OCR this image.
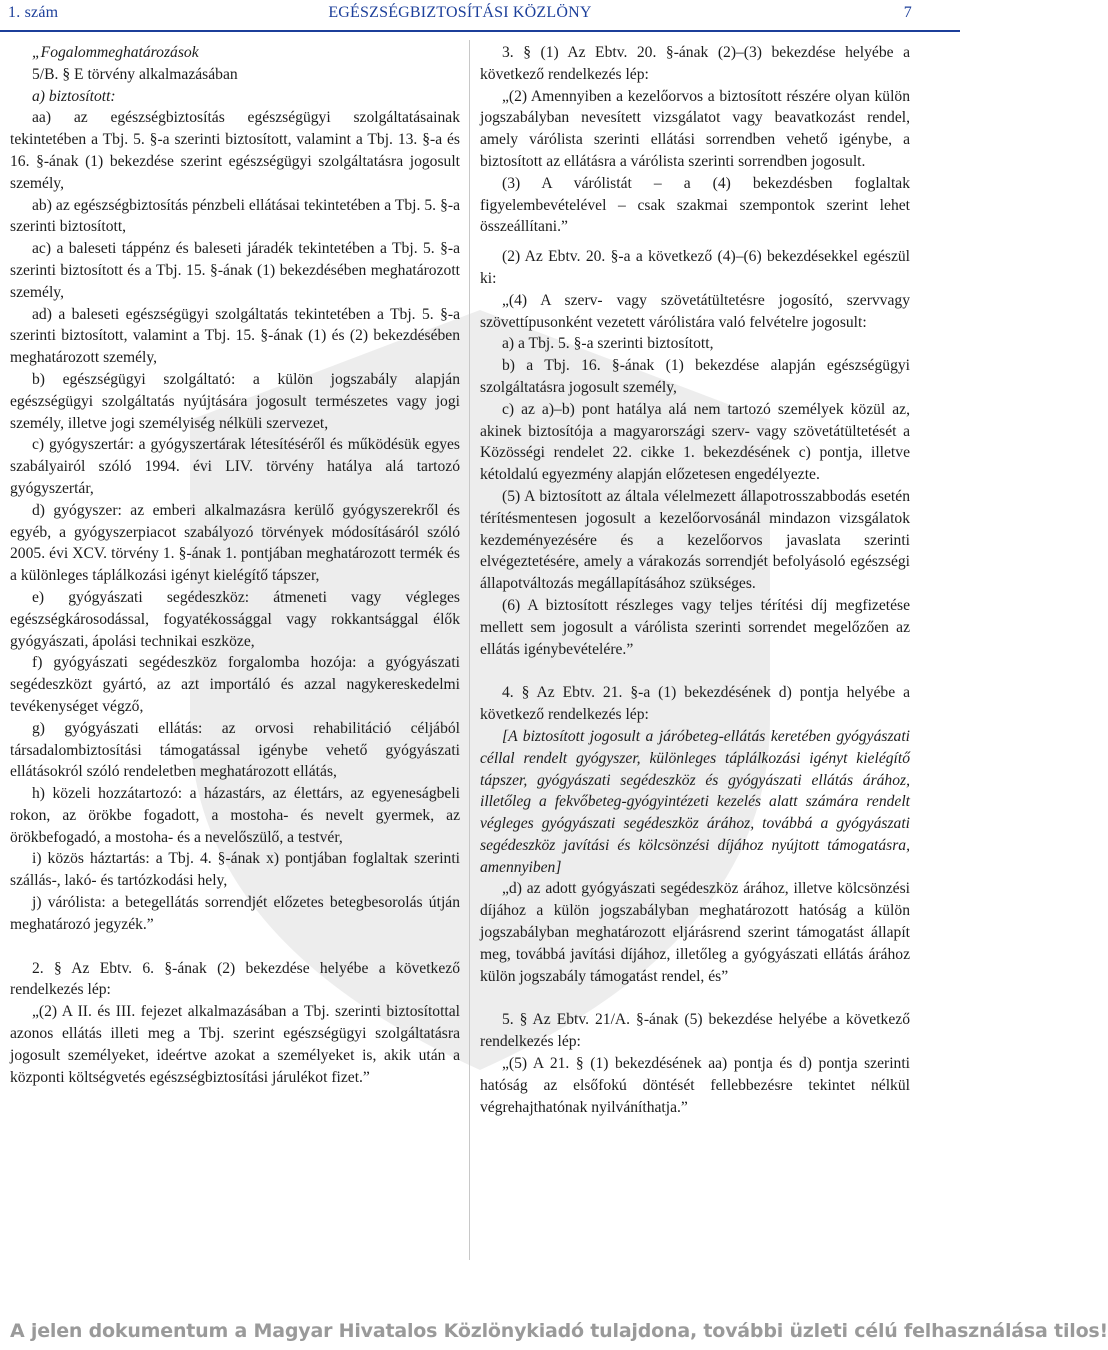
1. szám	EGÉSZSÉGBIZTOSÍTÁSI KÖZLÖNY	7

„Fogalommeghatározások

5/B. § E törvény alkalmazásában

a) biztosított:

aa) az egészségbiztosítás egészségügyi szolgáltatásainak tekintetében a Tbj. 5. §-a szerinti biztosított, valamint a Tbj. 13. §-a és 16. §-ának (1) bekezdése szerint egészségügyi szolgáltatásra jogosult személy,

ab) az egészségbiztosítás pénzbeli ellátásai tekintetében a Tbj. 5. §-a szerinti biztosított,

ac) a baleseti táppénz és baleseti járadék tekintetében a Tbj. 5. §-a szerinti biztosított és a Tbj. 15. §-ának (1) bekezdésében meghatározott személy,

ad) a baleseti egészségügyi szolgáltatás tekintetében a Tbj. 5. §-a szerinti biztosított, valamint a Tbj. 15. §-ának (1) és (2) bekezdésében meghatározott személy,

b) egészségügyi szolgáltató: a külön jogszabály alapján egészségügyi szolgáltatás nyújtására jogosult természetes vagy jogi személy, illetve jogi személyiség nélküli szervezet,

c) gyógyszertár: a gyógyszertárak létesítéséről és működésük egyes szabályairól szóló 1994. évi LIV. törvény hatálya alá tartozó gyógyszertár,

d) gyógyszer: az emberi alkalmazásra kerülő gyógyszerekről és egyéb, a gyógyszerpiacot szabályozó törvények módosításáról szóló 2005. évi XCV. törvény 1. §-ának 1. pontjában meghatározott termék és a különleges táplálkozási igényt kielégítő tápszer,

e) gyógyászati segédeszköz: átmeneti vagy végleges egészségkárosodással, fogyatékossággal vagy rokkantsággal élők gyógyászati, ápolási technikai eszköze,

f) gyógyászati segédeszköz forgalomba hozója: a gyógyászati segédeszközt gyártó, az azt importáló és azzal nagykereskedelmi tevékenységet végző,

g) gyógyászati ellátás: az orvosi rehabilitáció céljából társadalombiztosítási támogatással igénybe vehető gyógyászati ellátásokról szóló rendeletben meghatározott ellátás,

h) közeli hozzátartozó: a házastárs, az élettárs, az egyeneságbeli rokon, az örökbe fogadott, a mostoha- és nevelt gyermek, az örökbefogadó, a mostoha- és a nevelőszülő, a testvér,

i) közös háztartás: a Tbj. 4. §-ának x) pontjában foglaltak szerinti szállás-, lakó- és tartózkodási hely,

j) várólista: a betegellátás sorrendjét előzetes betegbesorolás útján meghatározó jegyzék.”

2. § Az Ebtv. 6. §-ának (2) bekezdése helyébe a következő rendelkezés lép:

„(2) A II. és III. fejezet alkalmazásában a Tbj. szerinti biztosítottal azonos ellátás illeti meg a Tbj. szerint egészségügyi szolgáltatásra jogosult személyeket, ideértve azokat a személyeket is, akik után a központi költségvetés egészségbiztosítási járulékot fizet.”

3. § (1) Az Ebtv. 20. §-ának (2)–(3) bekezdése helyébe a következő rendelkezés lép:

„(2) Amennyiben a kezelőorvos a biztosított részére olyan külön jogszabályban nevesített vizsgálatot vagy beavatkozást rendel, amely várólista szerinti ellátási sorrendben vehető igénybe, a biztosított az ellátásra a várólista szerinti sorrendben jogosult.

(3) A várólistát – a (4) bekezdésben foglaltak figyelembevételével – csak szakmai szempontok szerint lehet összeállítani.”

(2) Az Ebtv. 20. §-a a következő (4)–(6) bekezdésekkel egészül ki:

„(4) A szerv- vagy szövetátültetésre jogosító, szervvagy szövettípusonként vezetett várólistára való felvételre jogosult:

a) a Tbj. 5. §-a szerinti biztosított,

b) a Tbj. 16. §-ának (1) bekezdése alapján egészségügyi szolgáltatásra jogosult személy,

c) az a)–b) pont hatálya alá nem tartozó személyek közül az, akinek biztosítója a magyarországi szerv- vagy szövetátültetését a Közösségi rendelet 22. cikke 1. bekezdésének c) pontja, illetve kétoldalú egyezmény alapján előzetesen engedélyezte.

(5) A biztosított az általa vélelmezett állapotrosszabbodás esetén térítésmentesen jogosult a kezelőorvosánál mindazon vizsgálatok kezdeményezésére és a kezelőorvos javaslata szerinti elvégeztetésére, amely a várakozás sorrendjét befolyásoló egészségi állapotváltozás megállapításához szükséges.

(6) A biztosított részleges vagy teljes térítési díj megfizetése mellett sem jogosult a várólista szerinti sorrendet megelőzően az ellátás igénybevételére.”

4. § Az Ebtv. 21. §-a (1) bekezdésének d) pontja helyébe a következő rendelkezés lép:

[A biztosított jogosult a járóbeteg-ellátás keretében gyógyászati céllal rendelt gyógyszer, különleges táplálkozási igényt kielégítő tápszer, gyógyászati segédeszköz és gyógyászati ellátás árához, illetőleg a fekvőbeteg-gyógyintézeti kezelés alatt számára rendelt végleges gyógyászati segédeszköz árához, továbbá a gyógyászati segédeszköz javítási és kölcsönzési díjához nyújtott támogatásra, amennyiben]

„d) az adott gyógyászati segédeszköz árához, illetve kölcsönzési díjához a külön jogszabályban meghatározott hatóság a külön jogszabályban meghatározott eljárásrend szerint támogatást állapít meg, továbbá javítási díjához, illetőleg a gyógyászati ellátás árához külön jogszabály támogatást rendel, és”

5. § Az Ebtv. 21/A. §-ának (5) bekezdése helyébe a következő rendelkezés lép:

„(5) A 21. § (1) bekezdésének aa) pontja és d) pontja szerinti hatóság az elsőfokú döntését fellebbezésre tekintet nélkül végrehajthatónak nyilváníthatja.”

A jelen dokumentum a Magyar Hivatalos Közlönykiadó tulajdona, további üzleti célú felhasználása tilos!
